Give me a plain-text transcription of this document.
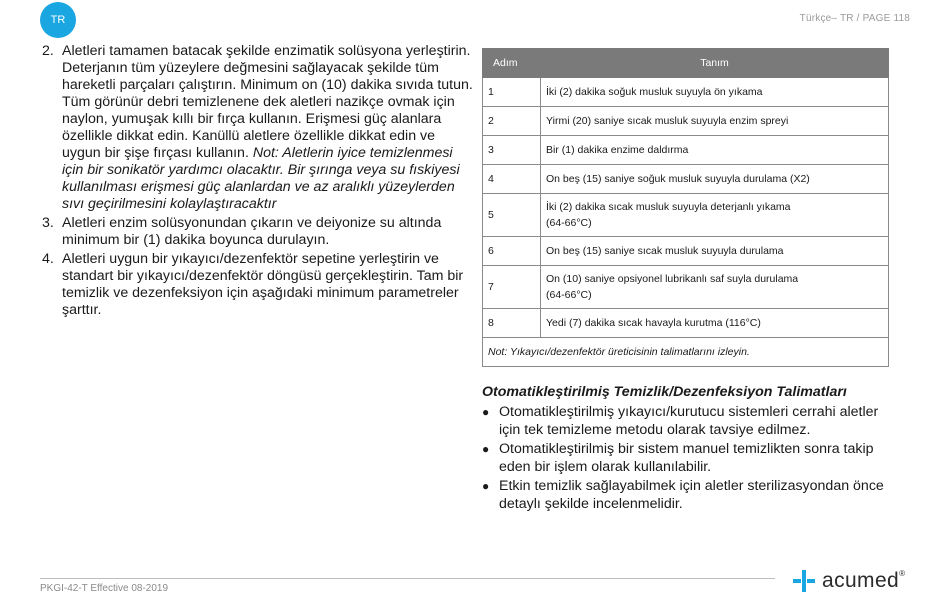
TR	Türkçe– TR / PAGE 118
2. Aletleri tamamen batacak şekilde enzimatik solüsyona yerleştirin. Deterjanın tüm yüzeylere değmesini sağlayacak şekilde tüm hareketli parçaları çalıştırın. Minimum on (10) dakika sıvıda tutun. Tüm görünür debri temizlenene dek aletleri nazikçe ovmak için naylon, yumuşak kıllı bir fırça kullanın. Erişmesi güç alanlara özellikle dikkat edin. Kanüllü aletlere özellikle dikkat edin ve uygun bir şişe fırçası kullanın. Not: Aletlerin iyice temizlenmesi için bir sonikatör yardımcı olacaktır. Bir şırınga veya su fıskiyesi kullanılması erişmesi güç alanlardan ve az aralıklı yüzeylerden sıvı geçirilmesini kolaylaştıracaktır
3. Aletleri enzim solüsyonundan çıkarın ve deiyonize su altında minimum bir (1) dakika boyunca durulayın.
4. Aletleri uygun bir yıkayıcı/dezenfektör sepetine yerleştirin ve standart bir yıkayıcı/dezenfektör döngüsü gerçekleştirin. Tam bir temizlik ve dezenfeksiyon için aşağıdaki minimum parametreler şarttır.
Adım	Tanım
1	İki (2) dakika soğuk musluk suyuyla ön yıkama
2	Yirmi (20) saniye sıcak musluk suyuyla enzim spreyi
3	Bir (1) dakika enzime daldırma
4	On beş (15) saniye soğuk musluk suyuyla durulama (X2)
5	İki (2) dakika sıcak musluk suyuyla deterjanlı yıkama
(64-66°C)

6	On beş (15) saniye sıcak musluk suyuyla durulama
7	On (10) saniye opsiyonel lubrikanlı saf suyla durulama
(64-66°C)

8	Yedi (7) dakika sıcak havayla kurutma (116°C)
Not: Yıkayıcı/dezenfektör üreticisinin talimatlarını izleyin.	
Otomatikleştirilmiş Temizlik/Dezenfeksiyon Talimatları
● Otomatikleştirilmiş yıkayıcı/kurutucu sistemleri cerrahi aletler için tek temizleme metodu olarak tavsiye edilmez.
● Otomatikleştirilmiş bir sistem manuel temizlikten sonra takip eden bir işlem olarak kullanılabilir.
● Etkin temizlik sağlayabilmek için aletler sterilizasyondan önce detaylı şekilde incelenmelidir.
PKGI-42-T Effective 08-2019	acumed®
